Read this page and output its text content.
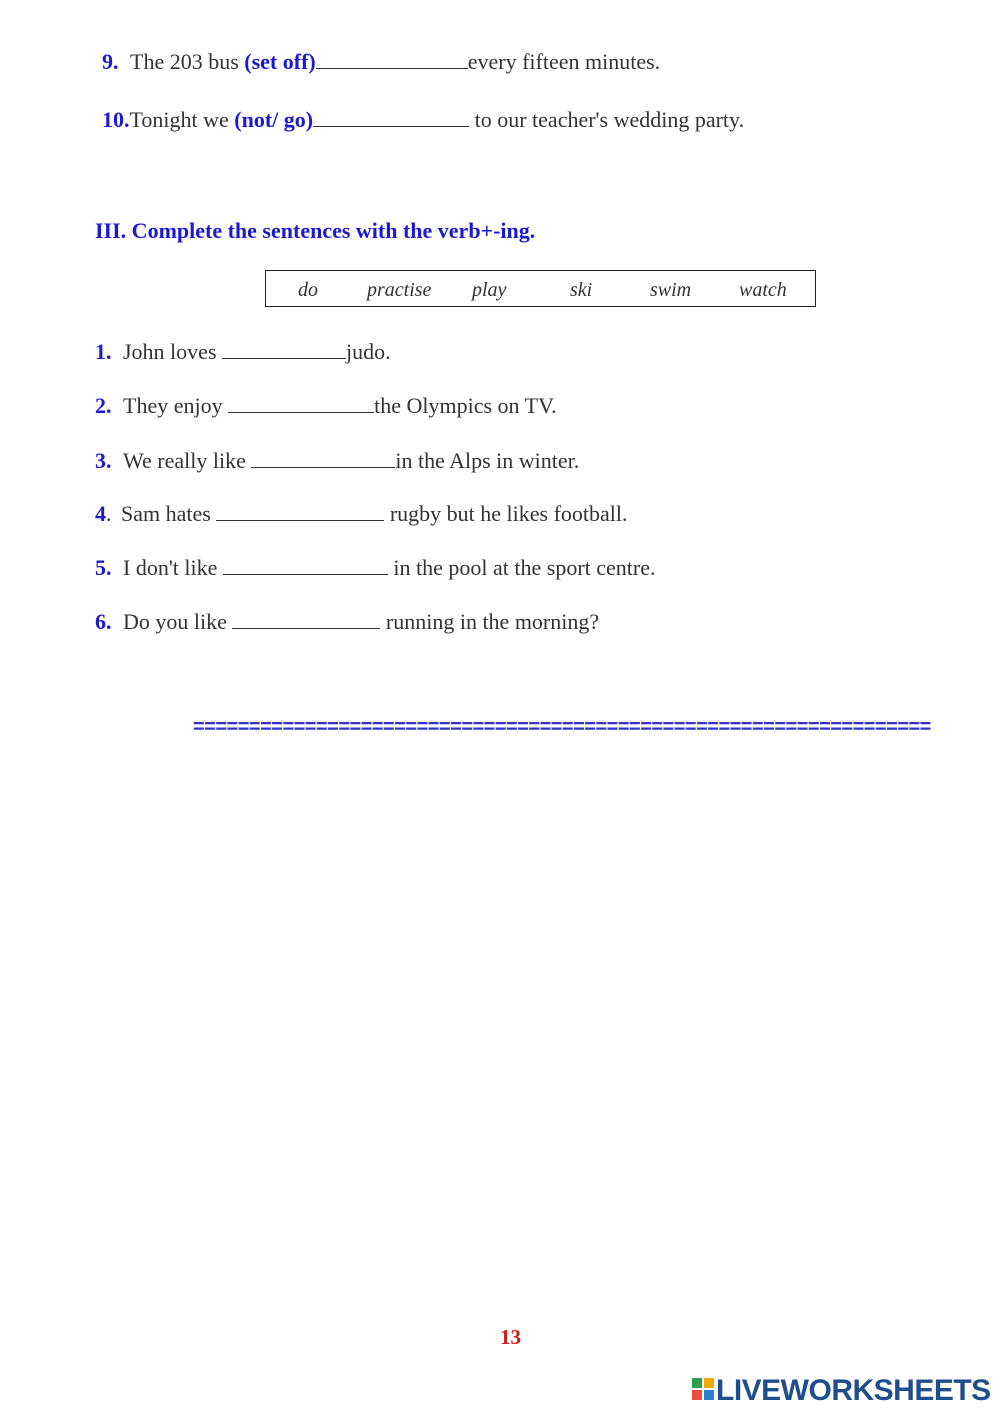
9. The 203 bus (set off)	every fifteen minutes.
10.Tonight we (not/ go)	to our teacher's wedding party.
III. Complete the sentences with the verb+-ing.
do practise play	ski	swim watch
1. John loves	judo.
2. They enjoy	the Olympics on TV.
3. We really like	in the Alps in winter.
4. Sam hates	rugby but he likes football.
5. I don't like	in the pool at the sport centre.
6. Do you like	running in the morning?
==================================================================
13
LIVEWORKSHEETS
